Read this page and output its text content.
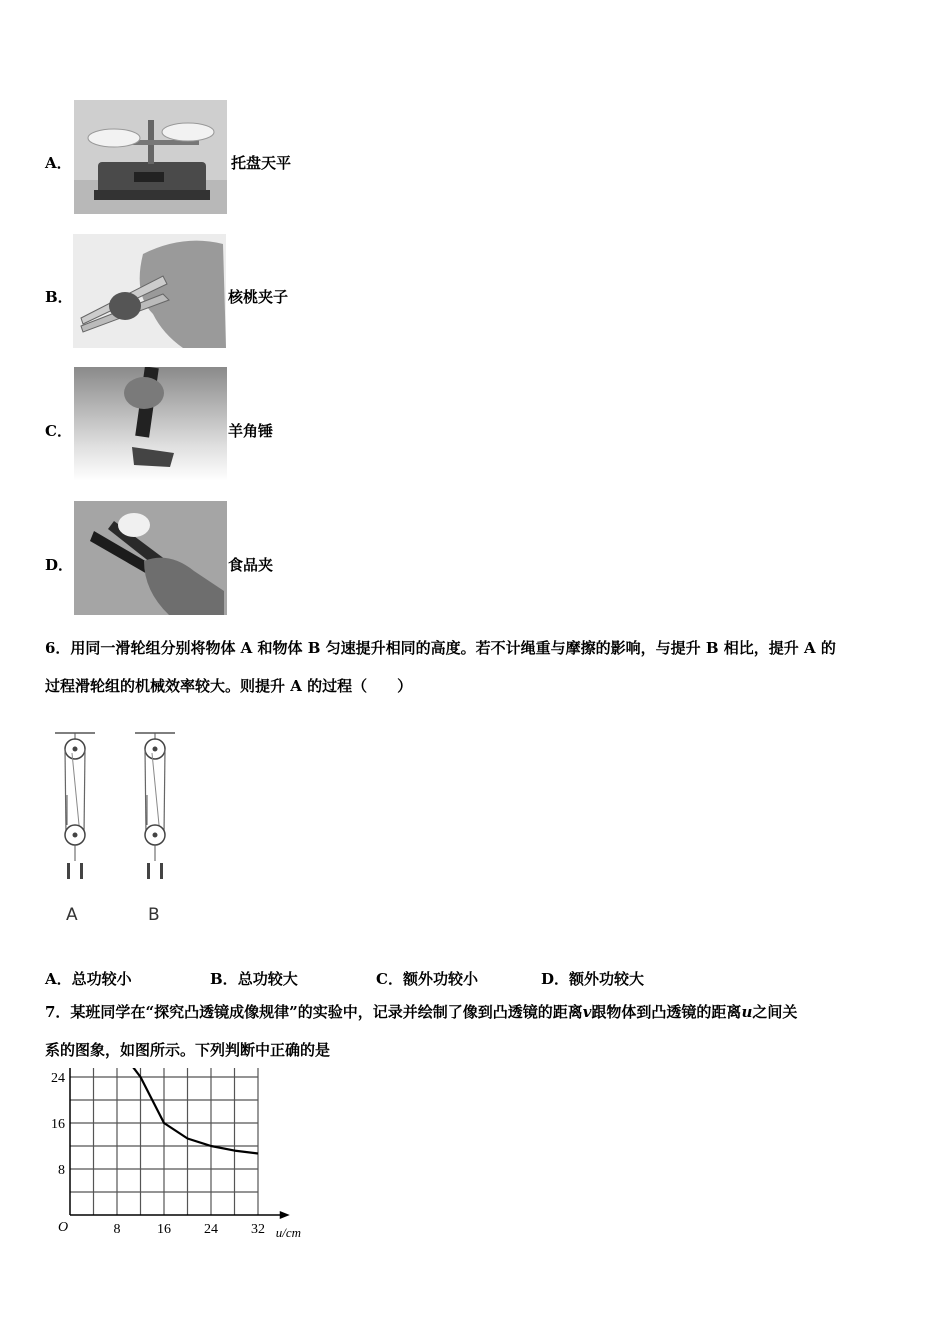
A．	托盘天平
B．	核桃夹子
C．	羊角锤
D．	食品夹
6．用同一滑轮组分别将物体 A 和物体 B 匀速提升相同的高度。若不计绳重与摩擦的影响，与提升 B 相比，提升 A 的
过程滑轮组的机械效率较大。则提升 A 的过程（　　）
A	B
A．总功较小	B．总功较大	C．额外功较小	D．额外功较大
7．某班同学在“探究凸透镜成像规律”的实验中，记录并绘制了像到凸透镜的距离v跟物体到凸透镜的距离u之间关
系的图象，如图所示。下列判断中正确的是
8	16 24 32
8
16
24
O	u/cm
